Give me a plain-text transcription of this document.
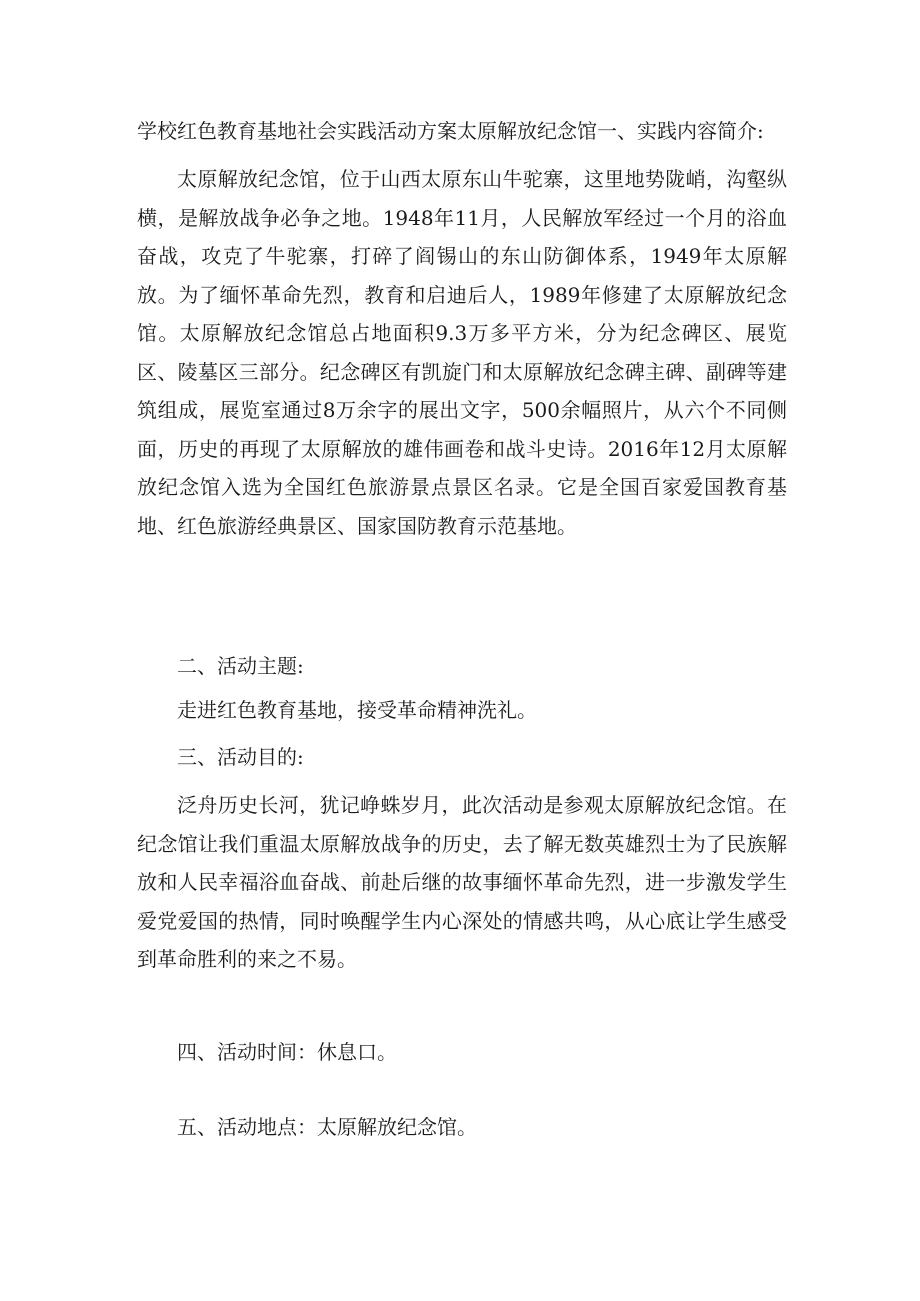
学校红色教育基地社会实践活动方案太原解放纪念馆一、实践内容简介:

太原解放纪念馆，位于山西太原东山牛驼寨，这里地势陇峭，沟壑纵横，是解放战争必争之地。1948年11月，人民解放军经过一个月的浴血奋战，攻克了牛驼寨，打碎了阎锡山的东山防御体系，1949年太原解放。为了缅怀革命先烈，教育和启迪后人，1989年修建了太原解放纪念馆。太原解放纪念馆总占地面积9.3万多平方米，分为纪念碑区、展览区、陵墓区三部分。纪念碑区有凯旋门和太原解放纪念碑主碑、副碑等建筑组成，展览室通过8万余字的展出文字，500余幅照片，从六个不同侧面，历史的再现了太原解放的雄伟画卷和战斗史诗。2016年12月太原解放纪念馆入选为全国红色旅游景点景区名录。它是全国百家爱国教育基地、红色旅游经典景区、国家国防教育示范基地。

二、活动主题:

走进红色教育基地，接受革命精神洗礼。

三、活动目的:

泛舟历史长河，犹记峥蛛岁月，此次活动是参观太原解放纪念馆。在纪念馆让我们重温太原解放战争的历史，去了解无数英雄烈士为了民族解放和人民幸福浴血奋战、前赴后继的故事缅怀革命先烈，进一步激发学生爱党爱国的热情，同时唤醒学生内心深处的情感共鸣，从心底让学生感受到革命胜利的来之不易。

四、活动时间：休息口。

五、活动地点：太原解放纪念馆。
